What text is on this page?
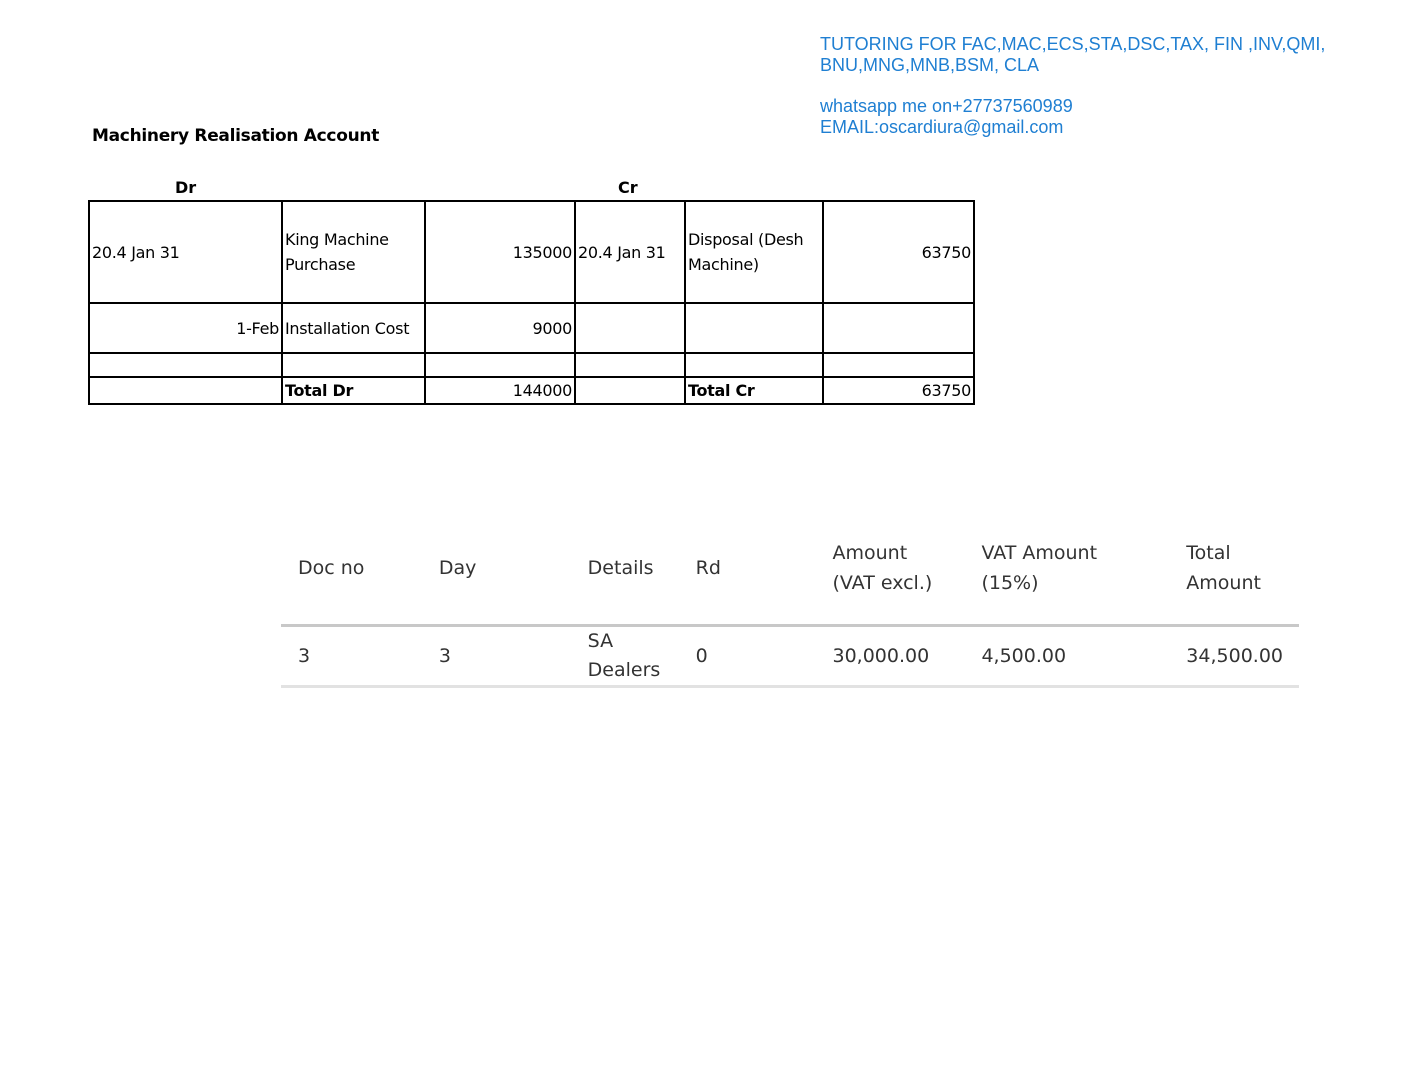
TUTORING FOR FAC,MAC,ECS,STA,DSC,TAX, FIN ,INV,QMI,
BNU,MNG,MNB,BSM, CLA
whatsapp me on+27737560989
EMAIL:oscardiura@gmail.com
Machinery Realisation Account
Dr	Cr
20.4 Jan 31	King Machine Purchase	135000	20.4 Jan 31	Disposal (Desh Machine)	63750
1-Feb	Installation Cost	9000			

	Total Dr	144000		Total Cr	63750
Doc no	Day	Details	Rd	Amount (VAT excl.)	VAT Amount (15%)	Total Amount
3	3	SA Dealers	0	30,000.00	4,500.00	34,500.00
